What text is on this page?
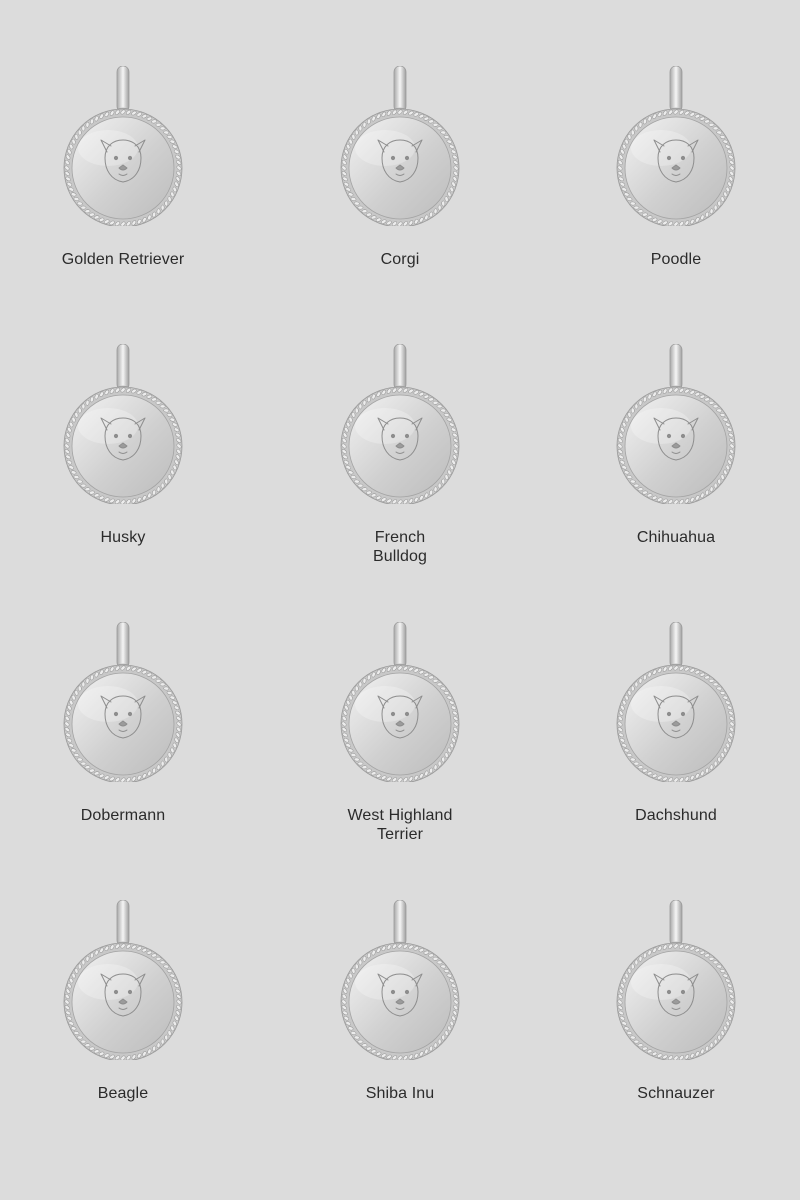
Golden Retriever	Corgi	Poodle
Husky	French
Bulldog
Chihuahua
Dobermann	West Highland
Terrier
Dachshund
Beagle	Shiba Inu	Schnauzer
